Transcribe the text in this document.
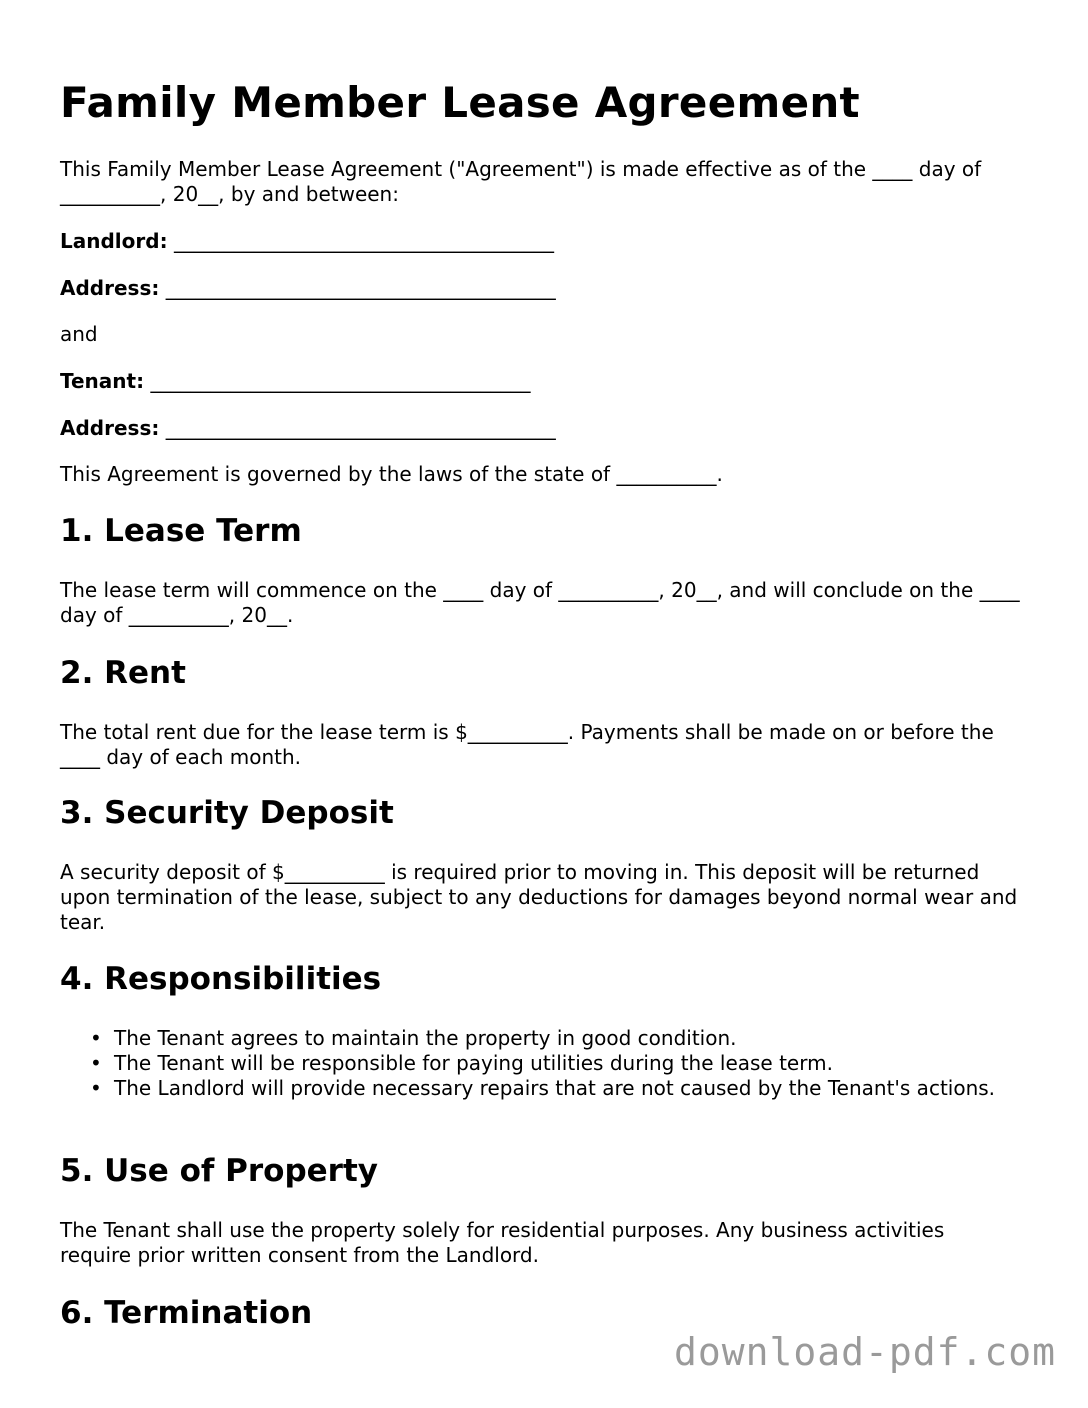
Family Member Lease Agreement

This Family Member Lease Agreement ("Agreement") is made effective as of the ____ day of __________, 20__, by and between:

Landlord: ______________________________________

Address: _______________________________________

and

Tenant: ______________________________________

Address: _______________________________________

This Agreement is governed by the laws of the state of __________.

1. Lease Term

The lease term will commence on the ____ day of __________, 20__, and will conclude on the ____ day of __________, 20__.

2. Rent

The total rent due for the lease term is $__________. Payments shall be made on or before the ____ day of each month.

3. Security Deposit

A security deposit of $__________ is required prior to moving in. This deposit will be returned upon termination of the lease, subject to any deductions for damages beyond normal wear and tear.

4. Responsibilities
• The Tenant agrees to maintain the property in good condition.
• The Tenant will be responsible for paying utilities during the lease term.
• The Landlord will provide necessary repairs that are not caused by the Tenant's actions.
5. Use of Property

The Tenant shall use the property solely for residential purposes. Any business activities require prior written consent from the Landlord.

6. Termination
download-pdf.com
